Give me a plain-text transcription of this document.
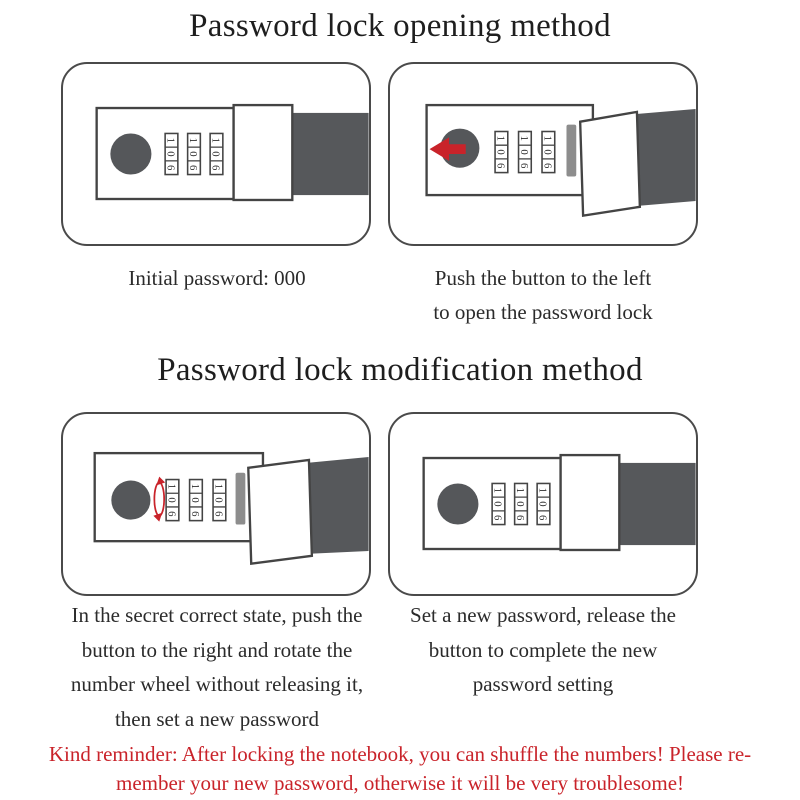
Password lock opening method
1
0
6
1
0
6
1
0
6
1
0
6
1
0
6
1
0
6
Initial password: 000	Push the button to the left
to open the password lock
Password lock modification method
1
0
6
1
0
6
1
0
6
1
0
6
1
0
6
1
0
6
In the secret correct state, push the
button to the right and rotate the
number wheel without releasing it,
then set a new password
Set a new password, release the
button to complete the new
password setting
Kind reminder: After locking the notebook, you can shuffle the numbers! Please re-
member your new password, otherwise it will be very troublesome!
